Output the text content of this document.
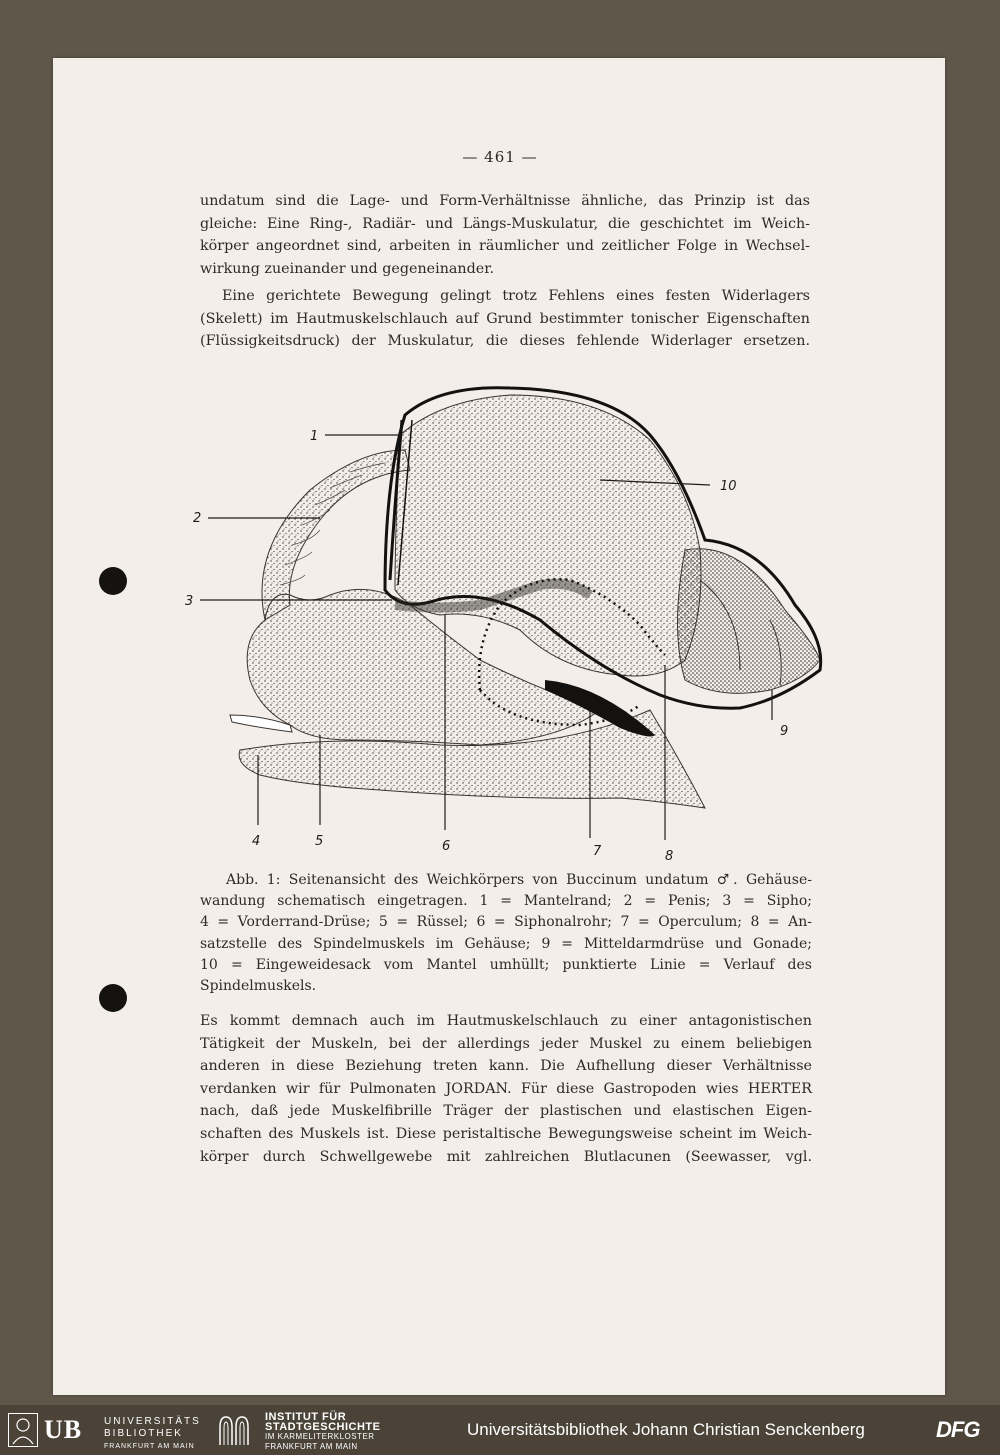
— 461 —
undatum sind die Lage- und Form-Verhältnisse ähnliche, das Prinzip ist das
gleiche: Eine Ring-, Radiär- und Längs-Muskulatur, die geschichtet im Weich-
körper angeordnet sind, arbeiten in räumlicher und zeitlicher Folge in Wechsel-
wirkung zueinander und gegeneinander.
Eine gerichtete Bewegung gelingt trotz Fehlens eines festen Widerlagers
(Skelett) im Hautmuskelschlauch auf Grund bestimmter tonischer Eigenschaften
(Flüssigkeitsdruck) der Muskulatur, die dieses fehlende Widerlager ersetzen.
1
2
3
4	5	6	7	8
9
10
Abb. 1: Seitenansicht des Weichkörpers von Buccinum undatum ♂. Gehäuse-
wandung schematisch eingetragen. 1 = Mantelrand; 2 = Penis; 3 = Sipho;
4 = Vorderrand-Drüse; 5 = Rüssel; 6 = Siphonalrohr; 7 = Operculum; 8 = An-
satzstelle des Spindelmuskels im Gehäuse; 9 = Mitteldarmdrüse und Gonade;
10 = Eingeweidesack vom Mantel umhüllt; punktierte Linie = Verlauf des
Spindelmuskels.
Es kommt demnach auch im Hautmuskelschlauch zu einer antagonistischen
Tätigkeit der Muskeln, bei der allerdings jeder Muskel zu einem beliebigen
anderen in diese Beziehung treten kann. Die Aufhellung dieser Verhältnisse
verdanken wir für Pulmonaten JORDAN. Für diese Gastropoden wies HERTER
nach, daß jede Muskelfibrille Träger der plastischen und elastischen Eigen-
schaften des Muskels ist. Diese peristaltische Bewegungsweise scheint im Weich-
körper durch Schwellgewebe mit zahlreichen Blutlacunen (Seewasser, vgl.
UB UNIVERSITÄTS
BIBLIOTHEK
FRANKFURT AM MAIN
INSTITUT FÜR
STADTGESCHICHTE
IM KARMELITERKLOSTER
FRANKFURT AM MAIN
Universitätsbibliothek Johann Christian Senckenberg	DFG
